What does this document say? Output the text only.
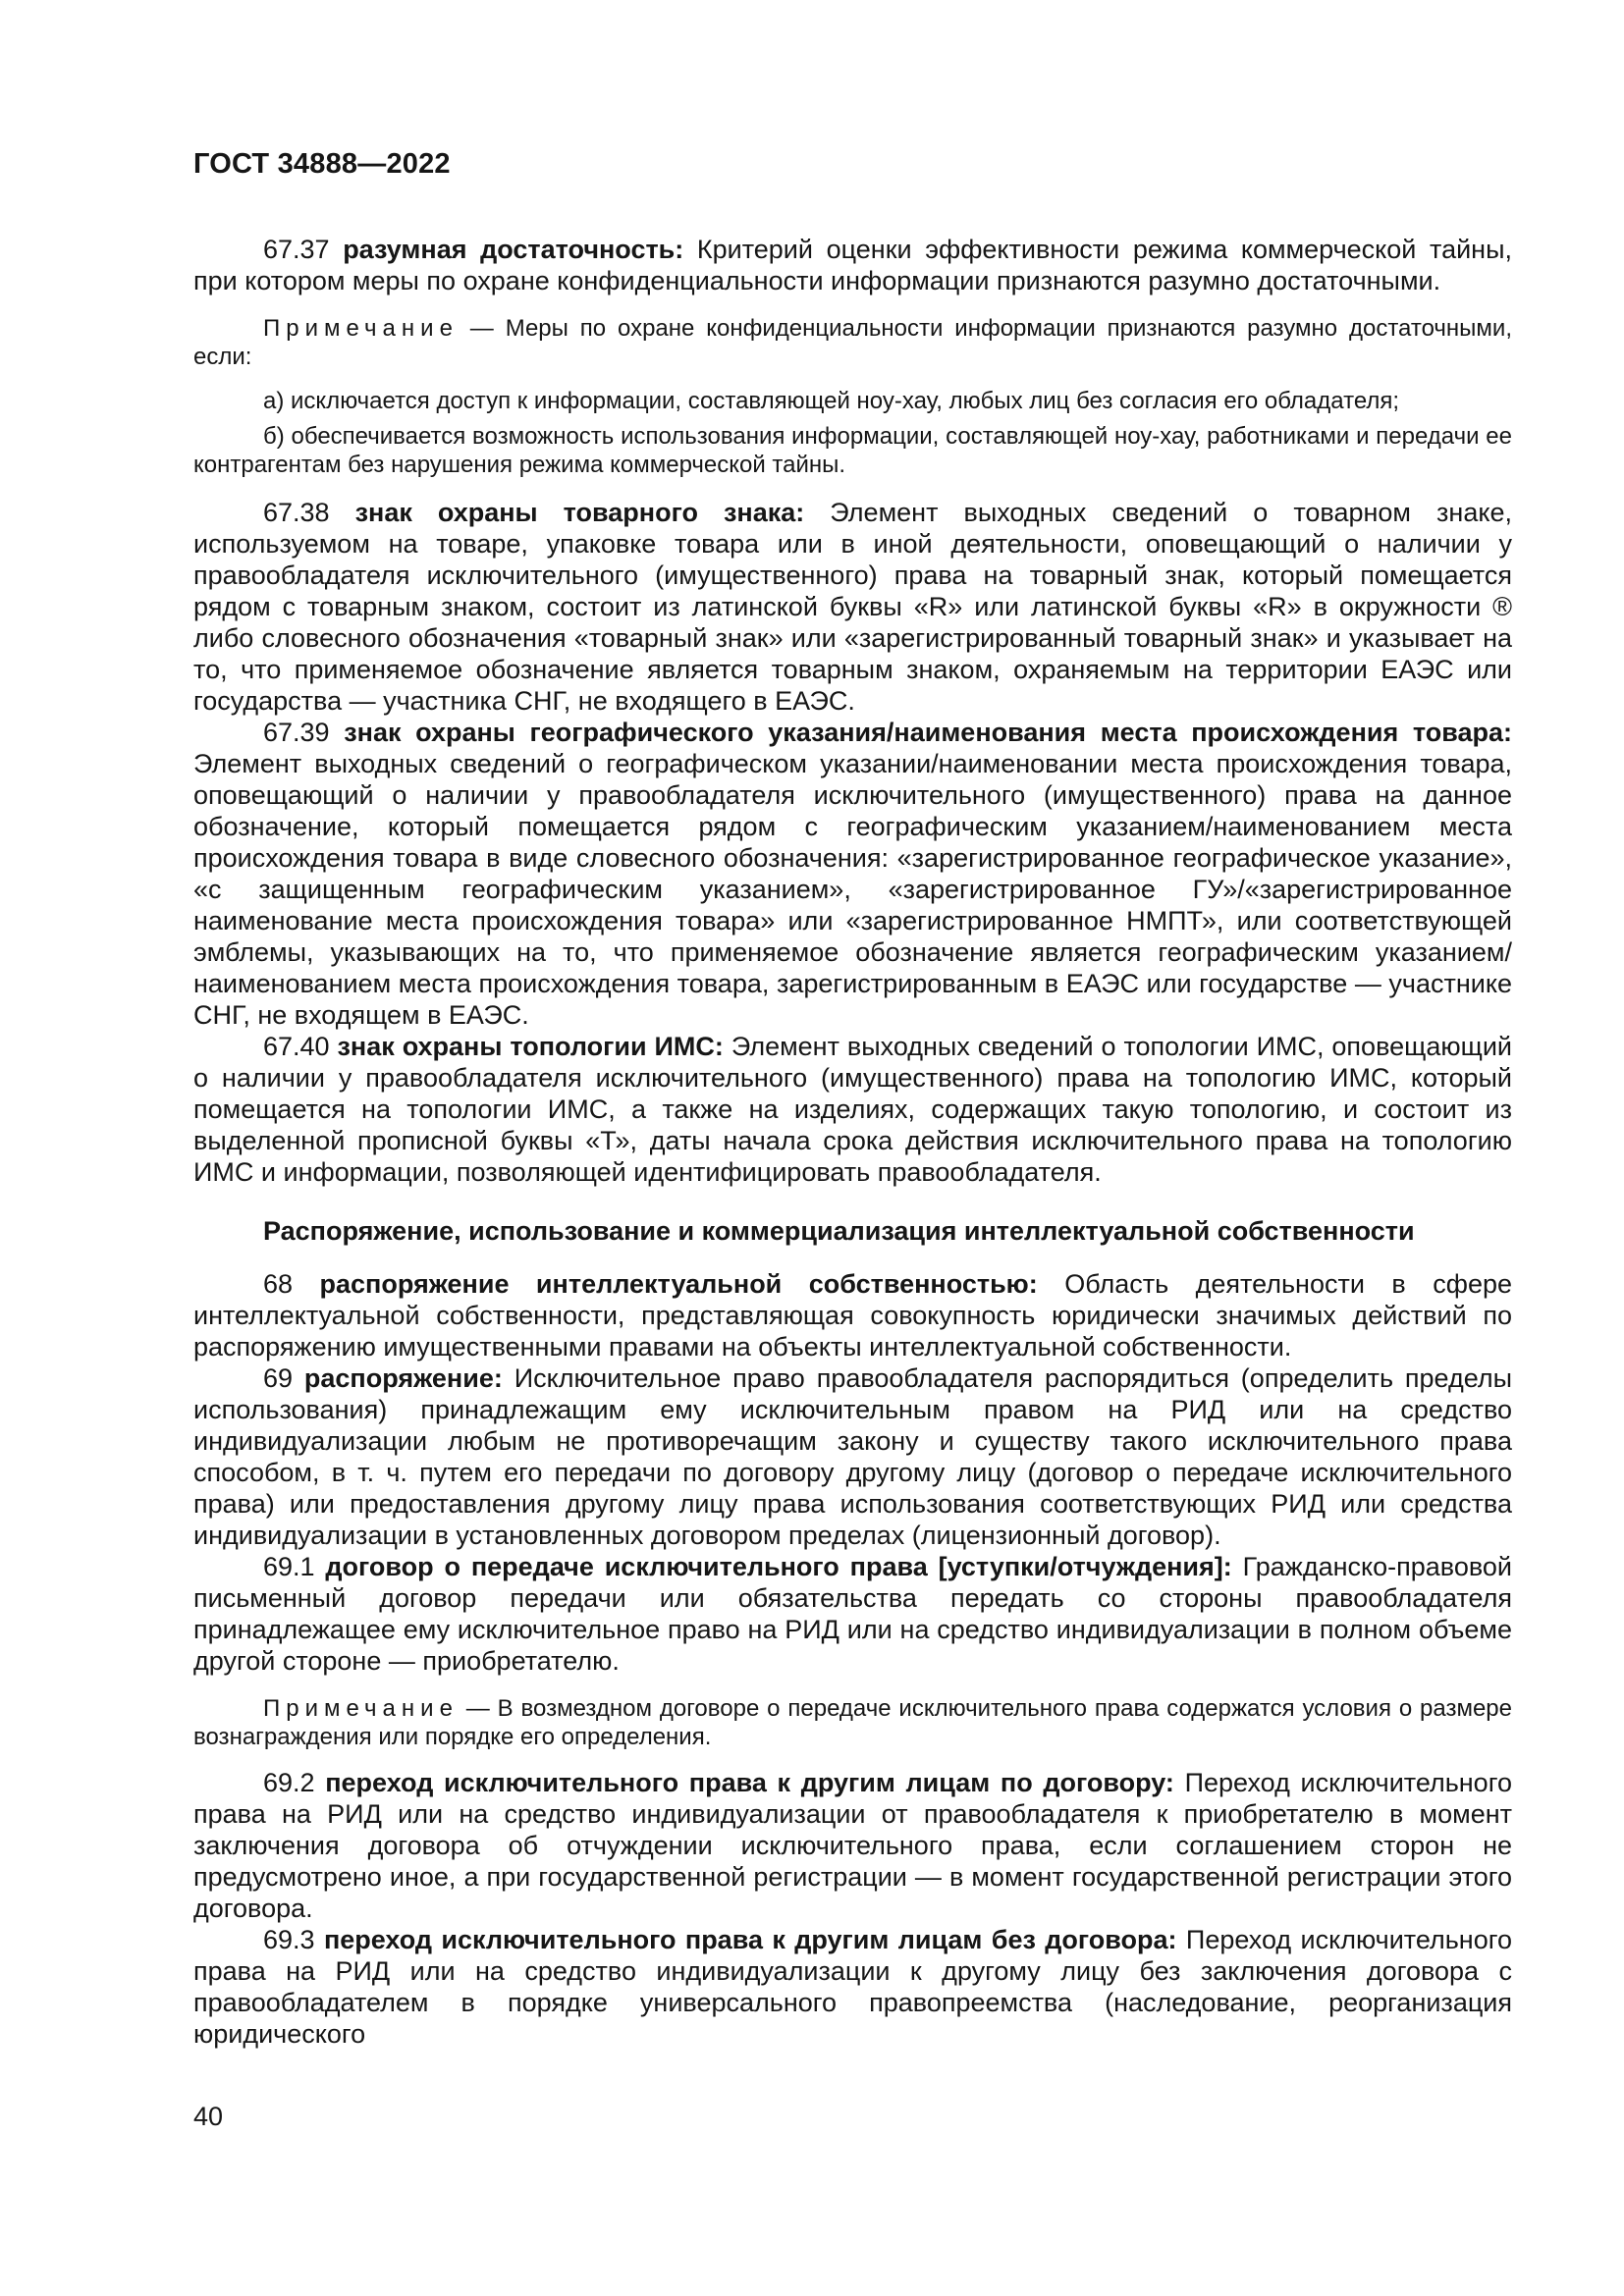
ГОСТ 34888—2022

67.37 разумная достаточность: Критерий оценки эффективности режима коммерческой тайны, при котором меры по охране конфиденциальности информации признаются разумно достаточными.

Примечание — Меры по охране конфиденциальности информации признаются разумно достаточными, если:

а) исключается доступ к информации, составляющей ноу-хау, любых лиц без согласия его обладателя;

б) обеспечивается возможность использования информации, составляющей ноу-хау, работниками и передачи ее контрагентам без нарушения режима коммерческой тайны.

67.38 знак охраны товарного знака: Элемент выходных сведений о товарном знаке, используемом на товаре, упаковке товара или в иной деятельности, оповещающий о наличии у правообладателя исключительного (имущественного) права на товарный знак, который помещается рядом с товарным знаком, состоит из латинской буквы «R» или латинской буквы «R» в окружности ® либо словесного обозначения «товарный знак» или «зарегистрированный товарный знак» и указывает на то, что применяемое обозначение является товарным знаком, охраняемым на территории ЕАЭС или государства — участника СНГ, не входящего в ЕАЭС.

67.39 знак охраны географического указания/наименования места происхождения товара: Элемент выходных сведений о географическом указании/наименовании места происхождения товара, оповещающий о наличии у правообладателя исключительного (имущественного) права на данное обозначение, который помещается рядом с географическим указанием/наименованием места происхождения товара в виде словесного обозначения: «зарегистрированное географическое указание», «с защищенным географическим указанием», «зарегистрированное ГУ»/«зарегистрированное наименование места происхождения товара» или «зарегистрированное НМПТ», или соответствующей эмблемы, указывающих на то, что применяемое обозначение является географическим указанием/наименованием места происхождения товара, зарегистрированным в ЕАЭС или государстве — участнике СНГ, не входящем в ЕАЭС.

67.40 знак охраны топологии ИМС: Элемент выходных сведений о топологии ИМС, оповещающий о наличии у правообладателя исключительного (имущественного) права на топологию ИМС, который помещается на топологии ИМС, а также на изделиях, содержащих такую топологию, и состоит из выделенной прописной буквы «Т», даты начала срока действия исключительного права на топологию ИМС и информации, позволяющей идентифицировать правообладателя.

Распоряжение, использование и коммерциализация интеллектуальной собственности

68 распоряжение интеллектуальной собственностью: Область деятельности в сфере интеллектуальной собственности, представляющая совокупность юридически значимых действий по распоряжению имущественными правами на объекты интеллектуальной собственности.

69 распоряжение: Исключительное право правообладателя распорядиться (определить пределы использования) принадлежащим ему исключительным правом на РИД или на средство индивидуализации любым не противоречащим закону и существу такого исключительного права способом, в т. ч. путем его передачи по договору другому лицу (договор о передаче исключительного права) или предоставления другому лицу права использования соответствующих РИД или средства индивидуализации в установленных договором пределах (лицензионный договор).

69.1 договор о передаче исключительного права [уступки/отчуждения]: Гражданско-правовой письменный договор передачи или обязательства передать со стороны правообладателя принадлежащее ему исключительное право на РИД или на средство индивидуализации в полном объеме другой стороне — приобретателю.

Примечание — В возмездном договоре о передаче исключительного права содержатся условия о размере вознаграждения или порядке его определения.

69.2 переход исключительного права к другим лицам по договору: Переход исключительного права на РИД или на средство индивидуализации от правообладателя к приобретателю в момент заключения договора об отчуждении исключительного права, если соглашением сторон не предусмотрено иное, а при государственной регистрации — в момент государственной регистрации этого договора.

69.3 переход исключительного права к другим лицам без договора: Переход исключительного права на РИД или на средство индивидуализации к другому лицу без заключения договора с правообладателем в порядке универсального правопреемства (наследование, реорганизация юридического

40
